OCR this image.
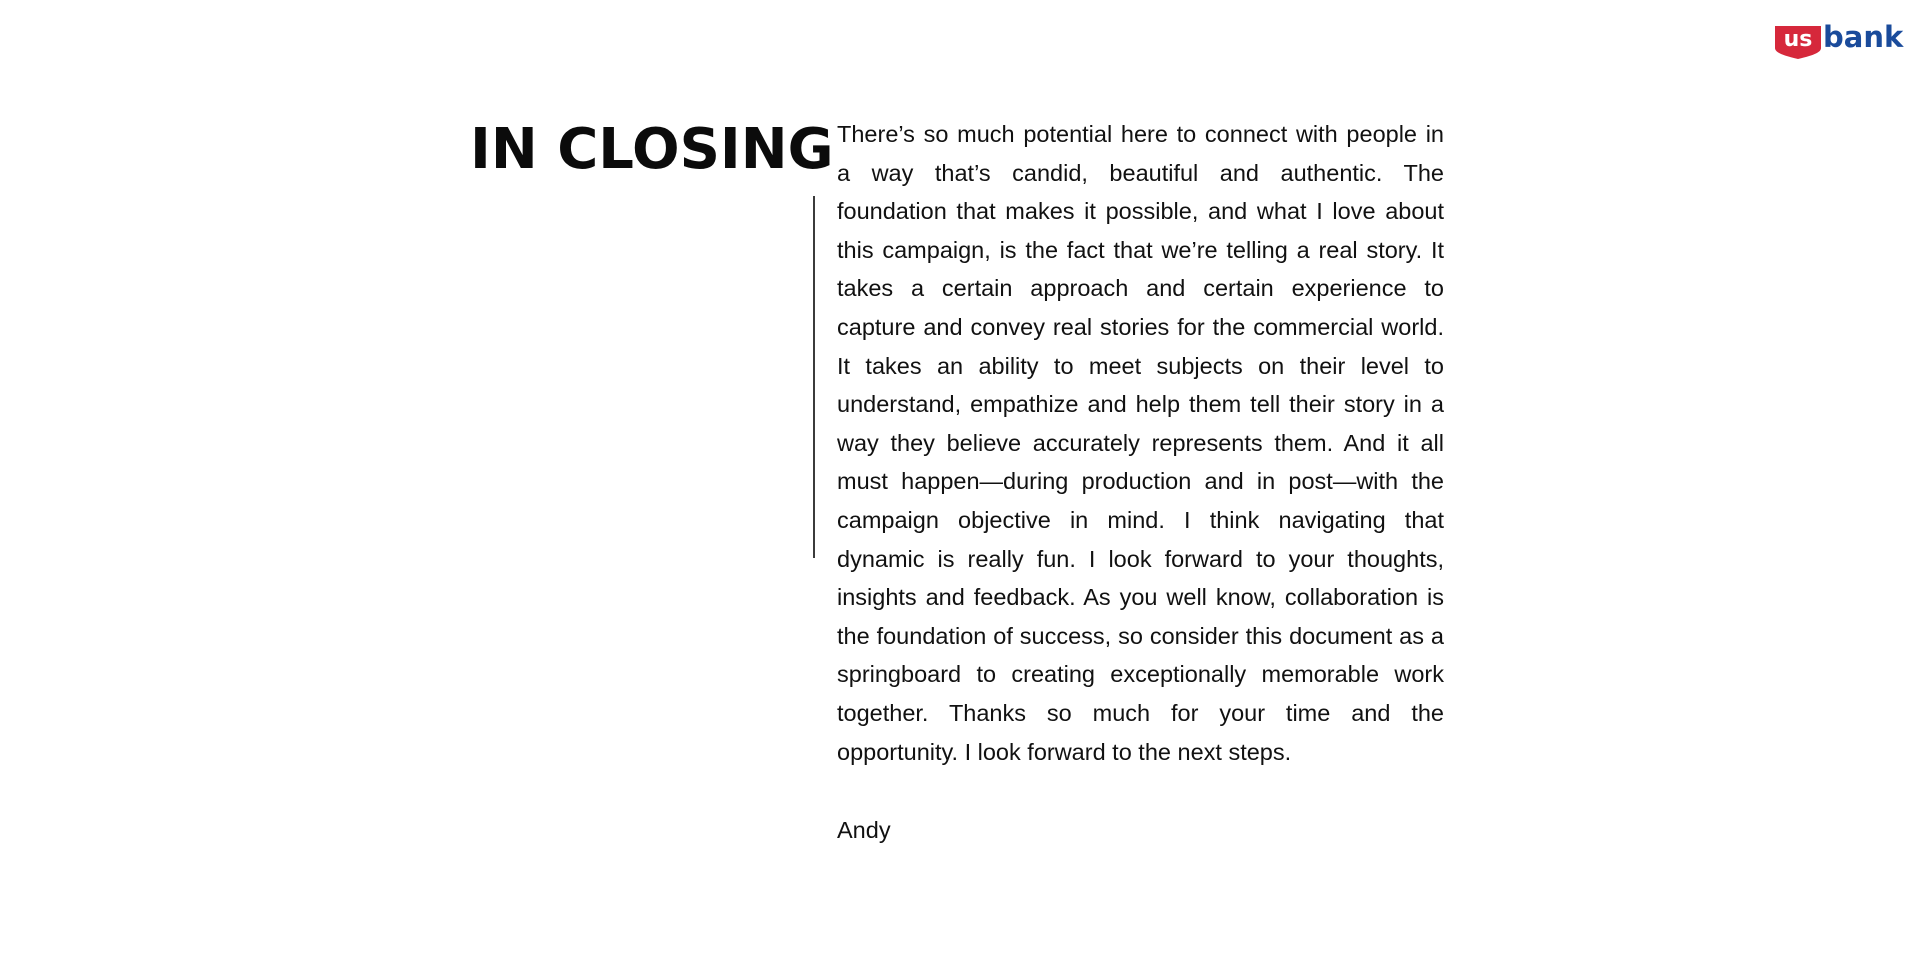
us bank
IN CLOSING There’s so much potential here to connect with people in a way that’s candid, beautiful and authentic. The foundation that makes it possible, and what I love about this campaign, is the fact that we’re telling a real story. It takes a certain approach and certain experience to capture and convey real stories for the commercial world. It takes an ability to meet subjects on their level to understand, empathize and help them tell their story in a way they believe accurately represents them. And it all must happen—during production and in post—with the campaign objective in mind. I think navigating that dynamic is really fun. I look forward to your thoughts, insights and feedback. As you well know, collaboration is the foundation of success, so consider this document as a springboard to creating exceptionally memorable work together. Thanks so much for your time and the opportunity. I look forward to the next steps.

Andy
